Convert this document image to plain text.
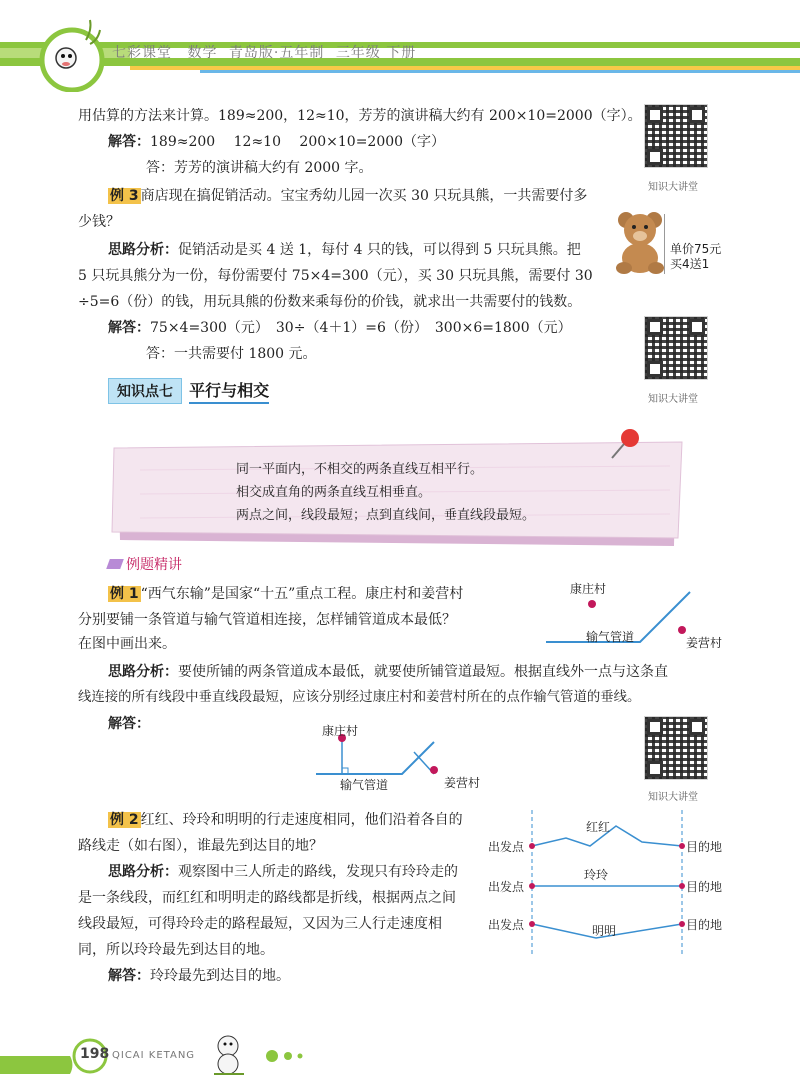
七彩课堂 数学 青岛版·五年制 三年级 下册
用估算的方法来计算。189≈200，12≈10，芳芳的演讲稿大约有 200×10=2000（字）。
解答：189≈200　 12≈10　 200×10=2000（字）
答：芳芳的演讲稿大约有 2000 字。
知识大讲堂
例 3 商店现在搞促销活动。宝宝秀幼儿园一次买 30 只玩具熊，一共需要付多
少钱？
思路分析：促销活动是买 4 送 1，每付 4 只的钱，可以得到 5 只玩具熊。把
5 只玩具熊分为一份，每份需要付 75×4=300（元），买 30 只玩具熊，需要付 30
÷5=6（份）的钱，用玩具熊的份数来乘每份的价钱，就求出一共需要付的钱数。
单价75元
买4送1
解答：75×4=300（元）　30÷（4＋1）=6（份）　300×6=1800（元）
答：一共需要付 1800 元。
知识大讲堂
知识点七 平行与相交
同一平面内，不相交的两条直线互相平行。
相交成直角的两条直线互相垂直。
两点之间，线段最短；点到直线间，垂直线段最短。
例题精讲
例 1 “西气东输”是国家“十五”重点工程。康庄村和姜营村
分别要铺一条管道与输气管道相连接，怎样铺管道成本最低？
在图中画出来。
康庄村
输气管道	姜营村
思路分析：要使所铺的两条管道成本最低，就要使所铺管道最短。根据直线外一点与这条直
线连接的所有线段中垂直线段最短，应该分别经过康庄村和姜营村所在的点作输气管道的垂线。
解答：	康庄村
输气管道	姜营村
知识大讲堂
例 2 红红、玲玲和明明的行走速度相同，他们沿着各自的
路线走（如右图），谁最先到达目的地？
思路分析：观察图中三人所走的路线，发现只有玲玲走的
是一条线段，而红红和明明走的路线都是折线，根据两点之间
线段最短，可得玲玲走的路程最短，又因为三人行走速度相
同，所以玲玲最先到达目的地。
解答：玲玲最先到达目的地。
出发点
出发点
出发点
目的地
目的地
目的地
红红
玲玲
明明
198 QICAI KETANG
